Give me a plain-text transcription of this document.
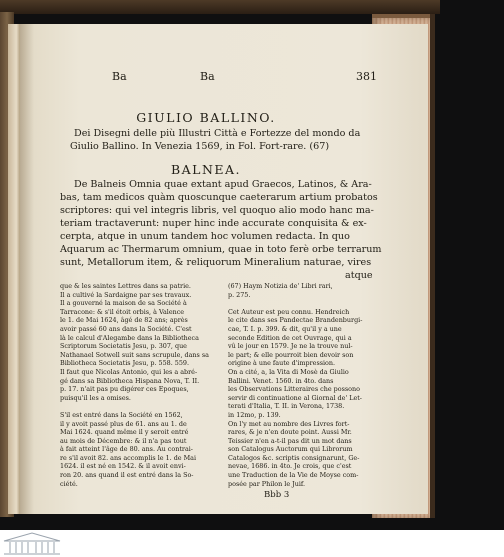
Ba	Ba	381
GIULIO BALLINO.
Dei Disegni delle più Illustri Città e Fortezze del mondo da
Giulio Ballino. In Venezia 1569, in Fol. Fort-rare. (67)
BALNEA.
De Balneis Omnia quae extant apud Graecos, Latinos, & Ara-
bas, tam medicos quàm quoscunque caeterarum artium probatos
scriptores: qui vel integris libris, vel quoquo alio modo hanc ma-
teriam tractaverunt: nuper hinc inde accurate conquisita & ex-
cerpta, atque in unum tandem hoc volumen redacta. In quo
Aquarum ac Thermarum omnium, quae in toto ferè orbe terrarum
sunt, Metallorum item, & reliquorum Mineralium naturae, vires
atque
que & les saintes Lettres dans sa patrie.
Il a cultivé la Sardaigne par ses travaux.
Il a gouverné la maison de sa Société à
Tarracone: & s'il étoit orbis, à Valence
le 1. de Mai 1624, âgé de 82 ans; après
avoir passé 60 ans dans la Société. C'est
là le calcul d'Alegambe dans la Bibliotheca
Scriptorum Societatis Jesu, p. 307, que
Nathanael Sotwell suit sans scrupule, dans sa
Bibliotheca Societatis Jesu, p. 558. 559.
Il faut que Nicolas Antonio, qui les a abré-
gé dans sa Bibliotheca Hispana Nova, T. II.
p. 17. n'ait pas pu digérer ces Epoques,
puisqu'il les a omises.
S'il est entré dans la Société en 1562,
il y avoit passé plus de 61. ans au 1. de
Mai 1624. quand même il y seroit entré
au mois de Décembre: & il n'a pas tout
à fait atteint l'âge de 80. ans. Au contrai-
re s'il avoit 82. ans accomplis le 1. de Mai
1624. il est né en 1542. & il avoit envi-
ron 20. ans quand il est entré dans la So-
ciété.
(67) Haym Notizia de' Libri rari,
p. 275.
Cet Auteur est peu connu. Hendreich
le cite dans ses Pandectae Brandenburgi-
cae, T. I. p. 399. & dit, qu'il y a une
seconde Edition de cet Ouvrage, qui a
vû le jour en 1579. Je ne la trouve nul-
le part; & elle pourroit bien devoir son
origine à une faute d'impression.
On a cité, a, la Vita di Mosè da Giulio
Ballini. Venet. 1560. in 4to. dans
les Observations Litteraires che possono
servir di continuatione al Giornal de' Let-
terati d'Italia, T. II. in Verona, 1738.
in 12mo, p. 139.
On l'y met au nombre des Livres fort-
rares, & je n'en doute point. Aussi Mr.
Teissier n'en a-t-il pas dit un mot dans
son Catalogus Auctorum qui Librorum
Catalogos &c. scriptis consignarunt, Ge-
nevae, 1686. in 4to. Je crois, que c'est
une Traduction de la Vie de Moyse com-
posée par Philon le Juif.
Bbb 3
